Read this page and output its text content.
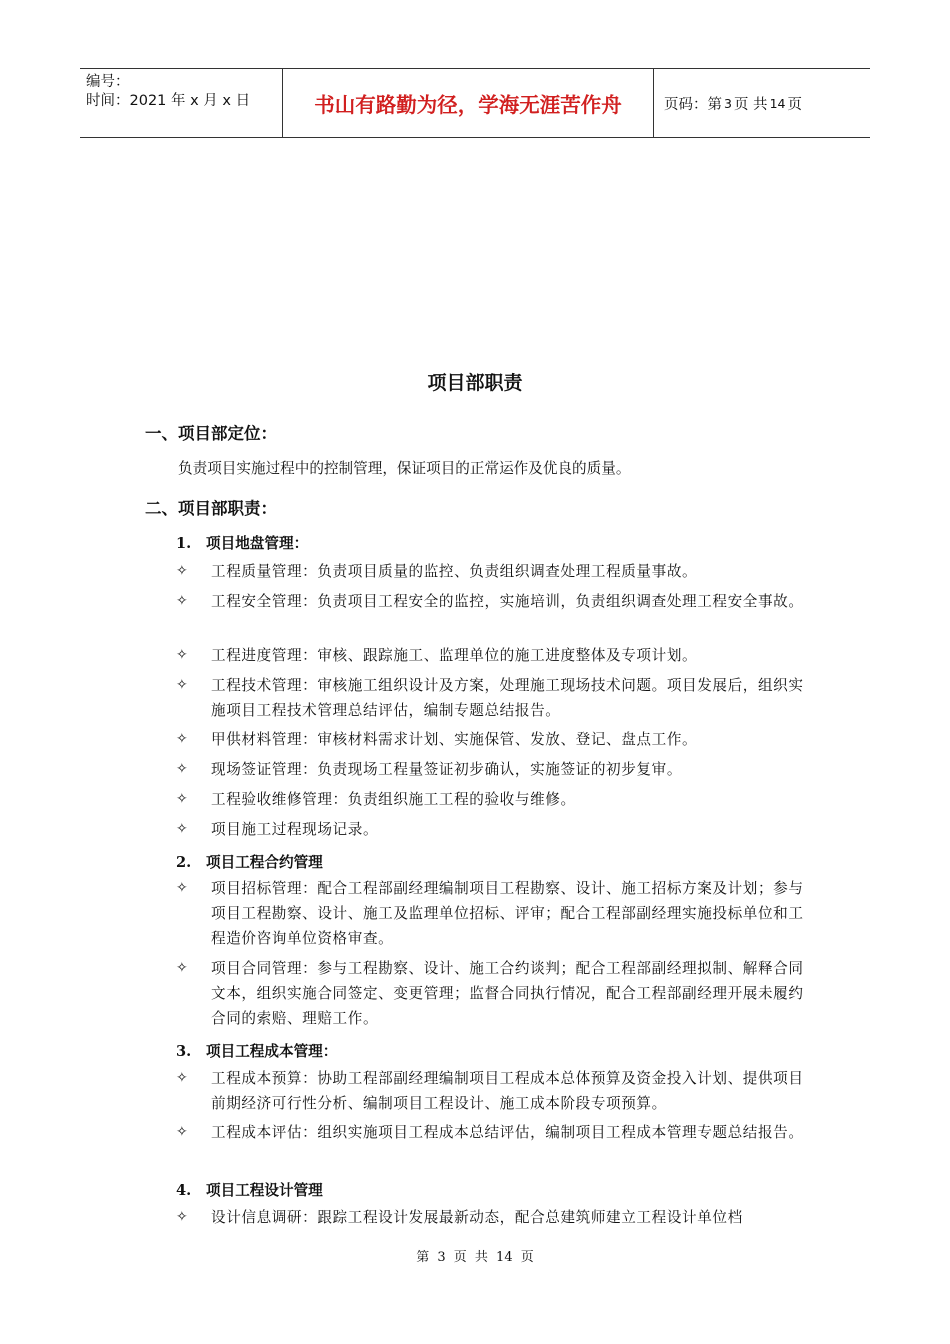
编号：
时间：2021 年 x 月 x 日	书山有路勤为径，学海无涯苦作舟	页码：第 3 页 共 14 页
项目部职责
一、项目部定位：
负责项目实施过程中的控制管理，保证项目的正常运作及优良的质量。
二、项目部职责：
1. 项目地盘管理：
✧ 工程质量管理：负责项目质量的监控、负责组织调查处理工程质量事故。
✧ 工程安全管理：负责项目工程安全的监控，实施培训，负责组织调查处理工程安全事故。
✧ 工程进度管理：审核、跟踪施工、监理单位的施工进度整体及专项计划。
✧ 工程技术管理：审核施工组织设计及方案，处理施工现场技术问题。项目发展后，组织实施项目工程技术管理总结评估，编制专题总结报告。
✧ 甲供材料管理：审核材料需求计划、实施保管、发放、登记、盘点工作。
✧ 现场签证管理：负责现场工程量签证初步确认，实施签证的初步复审。
✧ 工程验收维修管理：负责组织施工工程的验收与维修。
✧ 项目施工过程现场记录。
2. 项目工程合约管理
✧ 项目招标管理：配合工程部副经理编制项目工程勘察、设计、施工招标方案及计划；参与项目工程勘察、设计、施工及监理单位招标、评审；配合工程部副经理实施投标单位和工程造价咨询单位资格审查。
✧ 项目合同管理：参与工程勘察、设计、施工合约谈判；配合工程部副经理拟制、解释合同文本，组织实施合同签定、变更管理；监督合同执行情况，配合工程部副经理开展未履约合同的索赔、理赔工作。
3. 项目工程成本管理：
✧ 工程成本预算：协助工程部副经理编制项目工程成本总体预算及资金投入计划、提供项目前期经济可行性分析、编制项目工程设计、施工成本阶段专项预算。
✧ 工程成本评估：组织实施项目工程成本总结评估，编制项目工程成本管理专题总结报告。
4. 项目工程设计管理
✧ 设计信息调研：跟踪工程设计发展最新动态，配合总建筑师建立工程设计单位档
第 3 页 共 14 页
